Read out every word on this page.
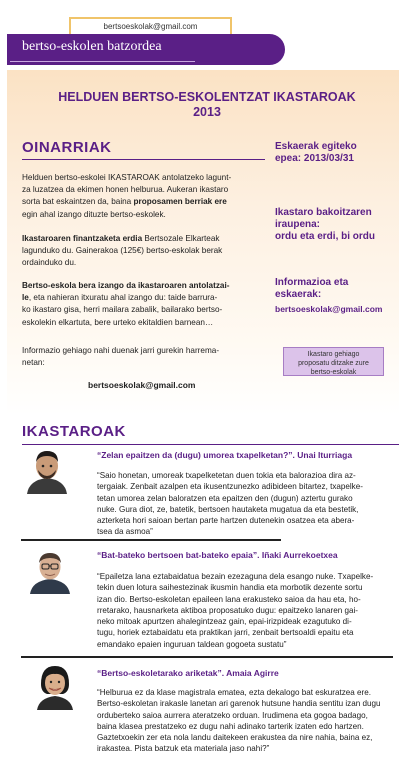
bertsoeskolak@gmail.com
bertso-eskolen batzordea
HELDUEN BERTSO-ESKOLENTZAT IKASTAROAK
2013
OINARRIAK
Helduen bertso-eskolei IKASTAROAK antolatzeko lagunt-
za luzatzea da ekimen honen helburua. Aukeran ikastaro
sorta bat eskaintzen da, baina proposamen berriak ere
egin ahal izango dituzte bertso-eskolek.
Ikastaroaren finantzaketa erdia Bertsozale Elkarteak
lagunduko du. Gainerakoa (125€) bertso-eskolak berak
ordainduko du.
Bertso-eskola bera izango da ikastaroaren antolatzai-
le, eta nahieran itxuratu ahal izango du: taide barrura-
ko ikastaro gisa, herri mailara zabalik, bailarako bertso-
eskolekin elkartuta, bere urteko ekitaldien barnean…
Informazio gehiago nahi duenak jarri gurekin harrema-
netan:
bertsoeskolak@gmail.com
Eskaerak egiteko
epea: 2013/03/31
Ikastaro bakoitzaren
iraupena:
ordu eta erdi, bi ordu
Informazioa eta
eskaerak:
bertsoeskolak@gmail.com
Ikastaro gehiago
proposatu ditzake zure
bertso-eskolak
IKASTAROAK
“Zelan epaitzen da (dugu) umorea txapelketan?”. Unai Iturriaga
“Saio honetan, umoreak txapelketetan duen tokia eta balorazioa dira az-
tergaiak. Zenbait azalpen eta ikusentzunezko adibideen bitartez, txapelke-
tetan umorea zelan baloratzen eta epaitzen den (dugun) aztertu gurako
nuke. Gura diot, ze, batetik, bertsoen hautaketa mugatua da eta bestetik,
azterketa hori saioan bertan parte hartzen dutenekin osatzea eta abera-
tsea da asmoa”
“Bat-bateko bertsoen bat-bateko epaia”. Iñaki Aurrekoetxea
“Epailetza lana eztabaidatua bezain ezezaguna dela esango nuke. Txapelke-
tekin duen lotura saihestezinak ikusmin handia eta morbotik dezente sortu
izan dio. Bertso-eskoletan epaileen lana erakusteko saioa da hau eta, ho-
rretarako, hausnarketa aktiboa proposatuko dugu: epaitzeko lanaren gai-
neko mitoak apurtzen ahalegintzeaz gain, epai-irizpideak ezagutuko di-
tugu, horiek eztabaidatu eta praktikan jarri, zenbait bertsoaldi epaitu eta
emandako epaien inguruan taldean gogoeta sustatu”
“Bertso-eskoletarako ariketak”. Amaia Agirre
“Helburua ez da klase magistrala ematea, ezta dekalogo bat eskuratzea ere.
Bertso-eskoletan irakasle lanetan ari garenok hutsune handia sentitu izan dugu
orduberteko saioa aurrera ateratzeko orduan. Irudimena eta gogoa badago,
baina klasea prestatzeko ez dugu nahi adinako tarterik izaten edo hartzen.
Gaztetxoekin zer eta nola landu daitekeen erakustea da nire nahia, baina ez,
irakastea. Pista batzuk eta materiala jaso nahi?”
